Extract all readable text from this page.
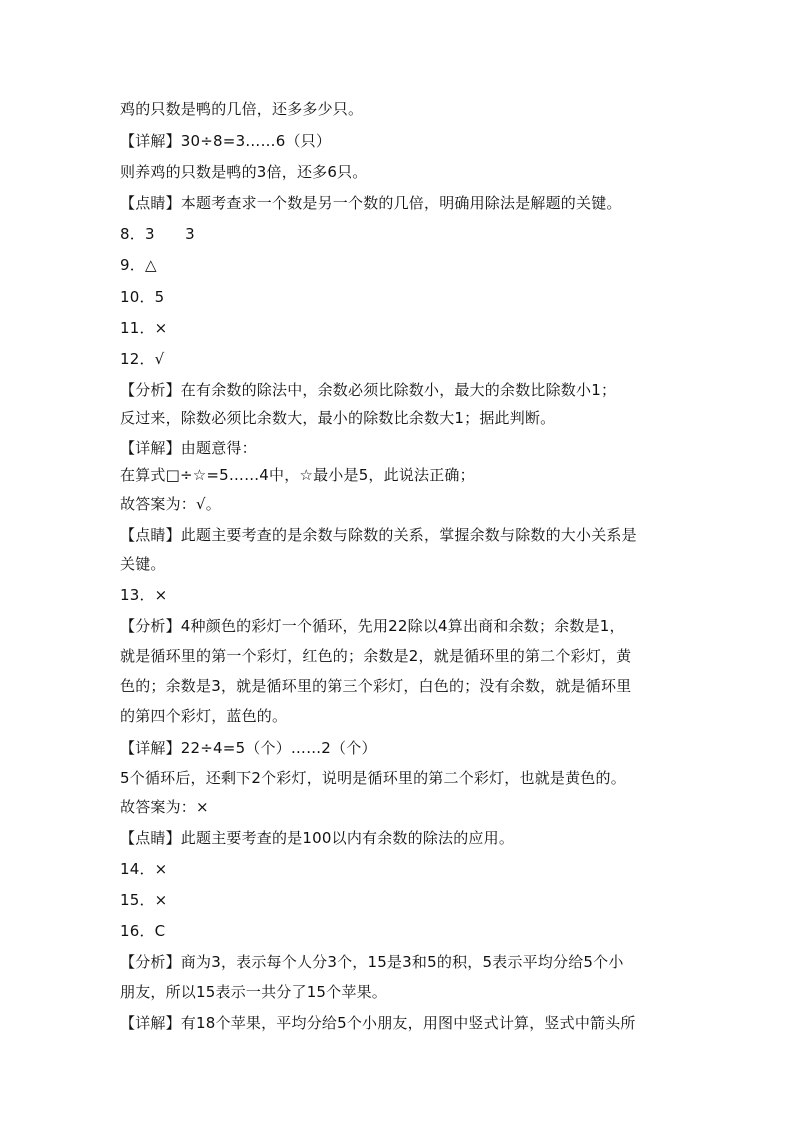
鸡的只数是鸭的几倍，还多多少只。
【详解】30÷8=3……6（只）
则养鸡的只数是鸭的3倍，还多6只。
【点睛】本题考查求一个数是另一个数的几倍，明确用除法是解题的关键。
8．3　　3
9．△
10．5
11．×
12．√
【分析】在有余数的除法中，余数必须比除数小，最大的余数比除数小1；
反过来，除数必须比余数大，最小的除数比余数大1；据此判断。
【详解】由题意得：
在算式□÷☆=5……4中，☆最小是5，此说法正确；
故答案为：√。
【点睛】此题主要考查的是余数与除数的关系，掌握余数与除数的大小关系是
关键。
13．×
【分析】4种颜色的彩灯一个循环，先用22除以4算出商和余数；余数是1，
就是循环里的第一个彩灯，红色的；余数是2，就是循环里的第二个彩灯，黄
色的；余数是3，就是循环里的第三个彩灯，白色的；没有余数，就是循环里
的第四个彩灯，蓝色的。
【详解】22÷4=5（个）……2（个）
5个循环后，还剩下2个彩灯，说明是循环里的第二个彩灯，也就是黄色的。
故答案为：×
【点睛】此题主要考查的是100以内有余数的除法的应用。
14．×
15．×
16．C
【分析】商为3，表示每个人分3个，15是3和5的积，5表示平均分给5个小
朋友，所以15表示一共分了15个苹果。
【详解】有18个苹果，平均分给5个小朋友，用图中竖式计算，竖式中箭头所
